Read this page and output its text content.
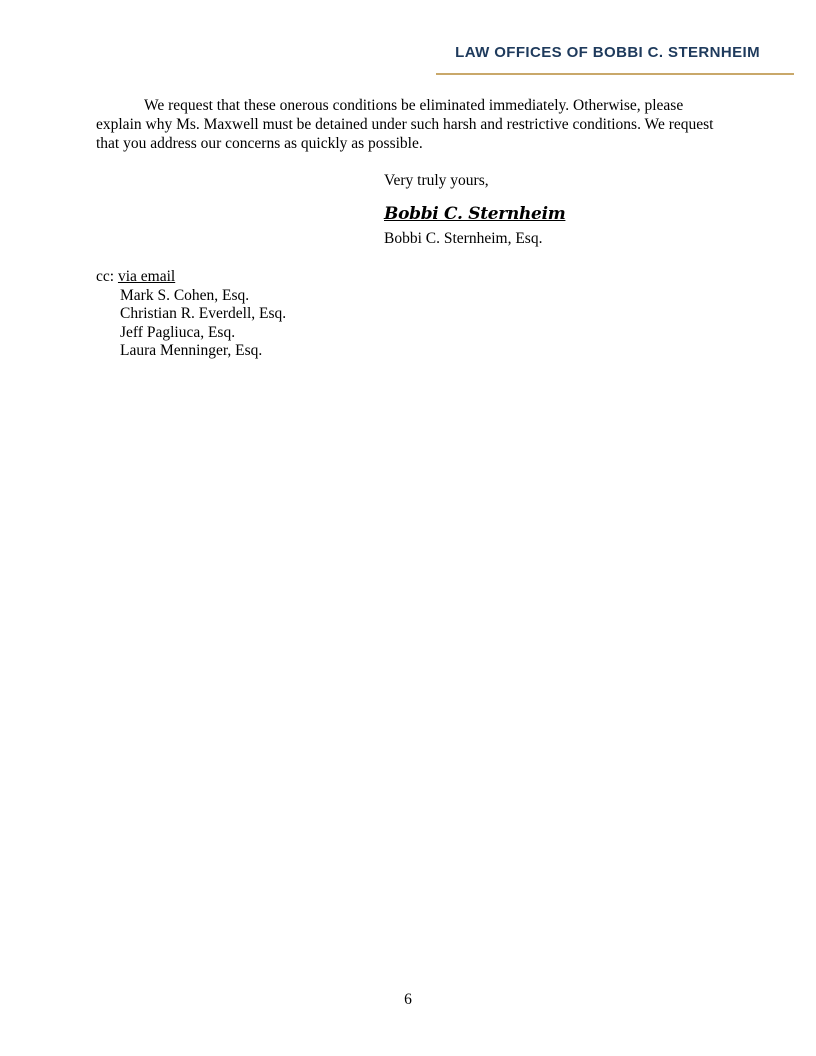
LAW OFFICES OF BOBBI C. STERNHEIM

We request that these onerous conditions be eliminated immediately. Otherwise, please explain why Ms. Maxwell must be detained under such harsh and restrictive conditions. We request that you address our concerns as quickly as possible.

Very truly yours,
Bobbi C. Sternheim
Bobbi C. Sternheim, Esq.
cc: via email
Mark S. Cohen, Esq.
Christian R. Everdell, Esq.
Jeff Pagliuca, Esq.
Laura Menninger, Esq.
6
